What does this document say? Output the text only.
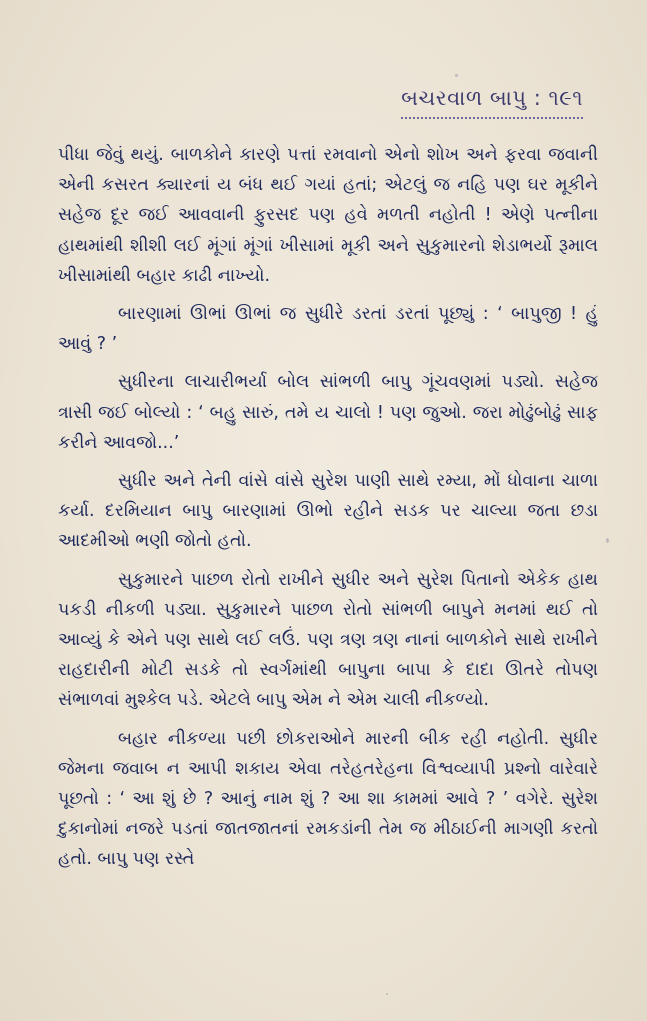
બચરવાળ બાપુ : ૧૯૧

પીધા જેવું થયું. બાળકોને કારણે પત્તાં રમવાનો એનો શોખ અને ફરવા જવાની એની કસરત ક્યારનાં ય બંધ થઈ ગયાં હતાં; એટલું જ નહિ પણ ઘર મૂકીને સહેજ દૂર જઈ આવવાની ફુરસદ પણ હવે મળતી નહોતી ! એણે પત્નીના હાથમાંથી શીશી લઈ મૂંગાં મૂંગાં ખીસામાં મૂકી અને સુકુમારનો શેડાભર્યો રૂમાલ ખીસામાંથી બહાર કાઢી નાખ્યો.

બારણામાં ઊભાં ઊભાં જ સુધીરે ડરતાં ડરતાં પૂછ્યું : ‘ બાપુજી ! હું આવું ? ’

સુધીરના લાચારીભર્યા બોલ સાંભળી બાપુ ગૂંચવણમાં પડ્યો. સહેજ ત્રાસી જઈ બોલ્યો : ‘ બહુ સારું, તમે ય ચાલો ! પણ જુઓ. જરા મોઢુંબોઢું સાફ કરીને આવજો...’

સુધીર અને તેની વાંસે વાંસે સુરેશ પાણી સાથે રમ્યા, મોં ધોવાના ચાળા કર્યા. દરમિયાન બાપુ બારણામાં ઊભો રહીને સડક પર ચાલ્યા જતા છડા આદમીઓ ભણી જોતો હતો.

સુકુમારને પાછળ રોતો રાખીને સુધીર અને સુરેશ પિતાનો એકેક હાથ પકડી નીકળી પડ્યા. સુકુમારને પાછળ રોતો સાંભળી બાપુને મનમાં થઈ તો આવ્યું કે એને પણ સાથે લઈ લઉં. પણ ત્રણ ત્રણ નાનાં બાળકોને સાથે રાખીને રાહદારીની મોટી સડકે તો સ્વર્ગમાંથી બાપુના બાપા કે દાદા ઊતરે તોપણ સંભાળવાં મુશ્કેલ પડે. એટલે બાપુ એમ ને એમ ચાલી નીકળ્યો.

બહાર નીકળ્યા પછી છોકરાઓને મારની બીક રહી નહોતી. સુધીર જેમના જવાબ ન આપી શકાય એવા તરેહતરેહના વિશ્વવ્યાપી પ્રશ્નો વારેવારે પૂછતો : ‘ આ શું છે ? આનું નામ શું ? આ શા કામમાં આવે ? ’ વગેરે. સુરેશ દુકાનોમાં નજરે પડતાં જાતજાતનાં રમકડાંની તેમ જ મીઠાઈની માગણી કરતો હતો. બાપુ પણ રસ્તે
